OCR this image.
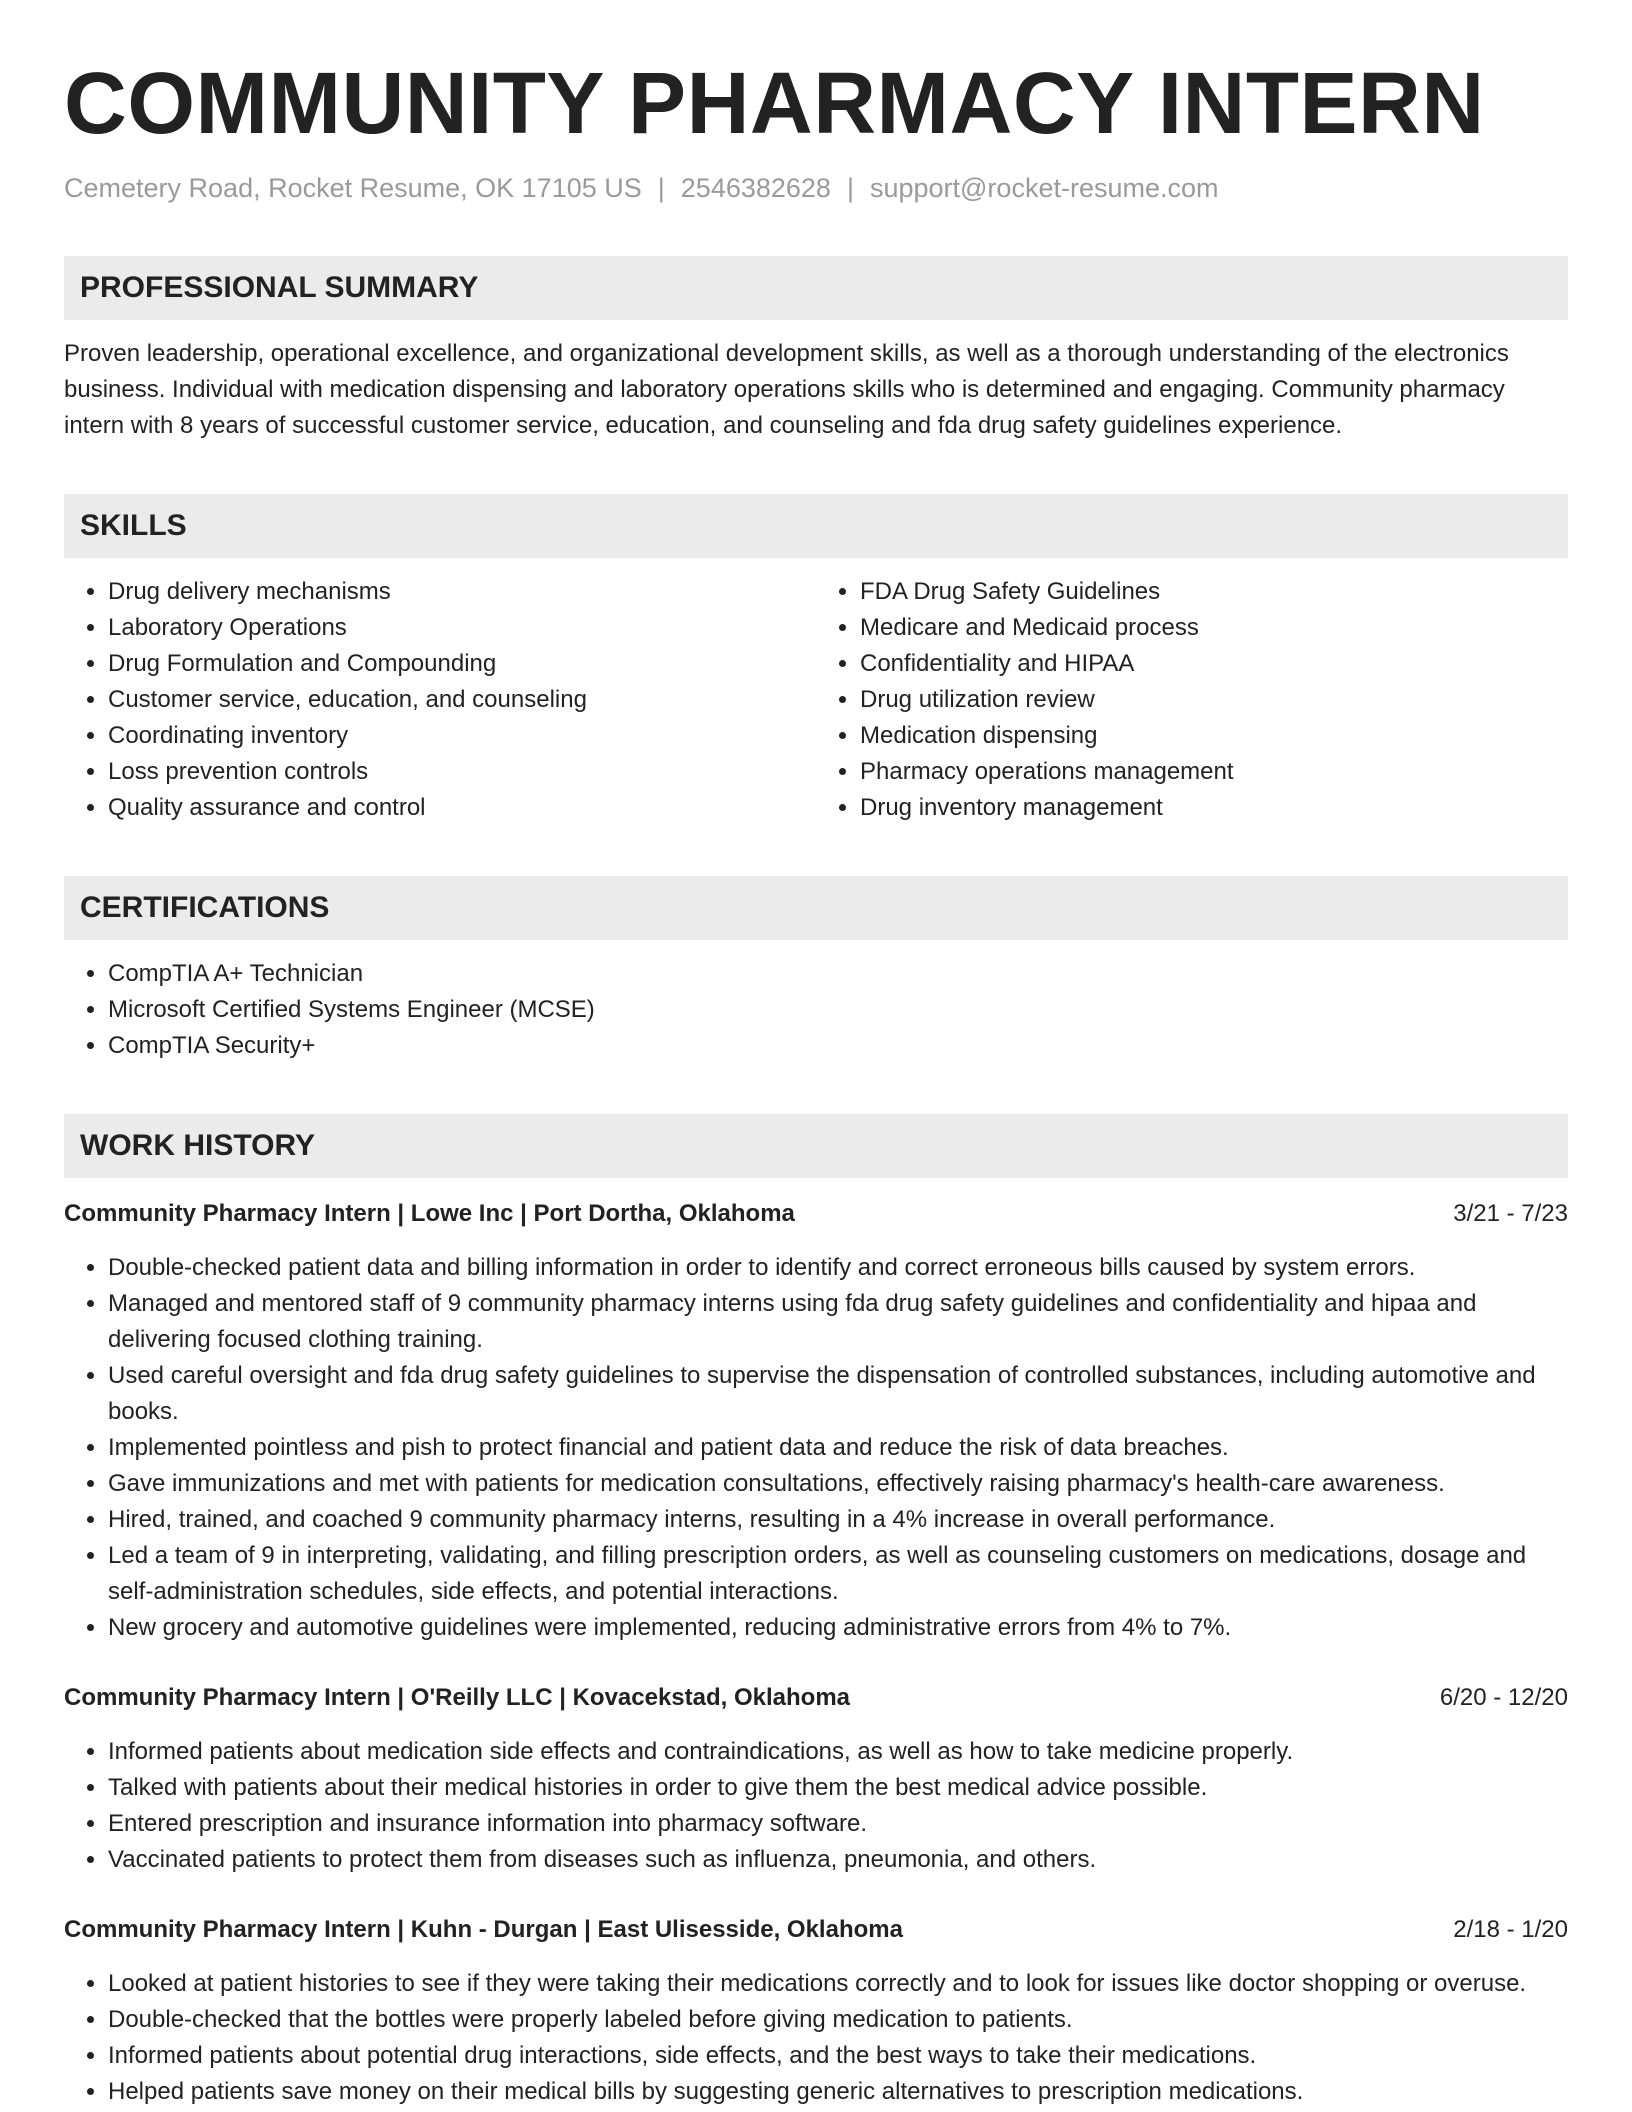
COMMUNITY PHARMACY INTERN
Cemetery Road, Rocket Resume, OK 17105 US | 2546382628 | support@rocket-resume.com
PROFESSIONAL SUMMARY

Proven leadership, operational excellence, and organizational development skills, as well as a thorough understanding of the electronics business. Individual with medication dispensing and laboratory operations skills who is determined and engaging. Community pharmacy intern with 8 years of successful customer service, education, and counseling and fda drug safety guidelines experience.

SKILLS
• Drug delivery mechanisms
• Laboratory Operations
• Drug Formulation and Compounding
• Customer service, education, and counseling
• Coordinating inventory
• Loss prevention controls
• Quality assurance and control
• FDA Drug Safety Guidelines
• Medicare and Medicaid process
• Confidentiality and HIPAA
• Drug utilization review
• Medication dispensing
• Pharmacy operations management
• Drug inventory management
CERTIFICATIONS
• CompTIA A+ Technician
• Microsoft Certified Systems Engineer (MCSE)
• CompTIA Security+
WORK HISTORY
Community Pharmacy Intern | Lowe Inc | Port Dortha, Oklahoma	3/21 - 7/23
• Double-checked patient data and billing information in order to identify and correct erroneous bills caused by system errors.
• Managed and mentored staff of 9 community pharmacy interns using fda drug safety guidelines and confidentiality and hipaa and delivering focused clothing training.
• Used careful oversight and fda drug safety guidelines to supervise the dispensation of controlled substances, including automotive and books.
• Implemented pointless and pish to protect financial and patient data and reduce the risk of data breaches.
• Gave immunizations and met with patients for medication consultations, effectively raising pharmacy's health-care awareness.
• Hired, trained, and coached 9 community pharmacy interns, resulting in a 4% increase in overall performance.
• Led a team of 9 in interpreting, validating, and filling prescription orders, as well as counseling customers on medications, dosage and self-administration schedules, side effects, and potential interactions.
• New grocery and automotive guidelines were implemented, reducing administrative errors from 4% to 7%.
Community Pharmacy Intern | O'Reilly LLC | Kovacekstad, Oklahoma	6/20 - 12/20
• Informed patients about medication side effects and contraindications, as well as how to take medicine properly.
• Talked with patients about their medical histories in order to give them the best medical advice possible.
• Entered prescription and insurance information into pharmacy software.
• Vaccinated patients to protect them from diseases such as influenza, pneumonia, and others.
Community Pharmacy Intern | Kuhn - Durgan | East Ulisesside, Oklahoma	2/18 - 1/20
• Looked at patient histories to see if they were taking their medications correctly and to look for issues like doctor shopping or overuse.
• Double-checked that the bottles were properly labeled before giving medication to patients.
• Informed patients about potential drug interactions, side effects, and the best ways to take their medications.
• Helped patients save money on their medical bills by suggesting generic alternatives to prescription medications.
